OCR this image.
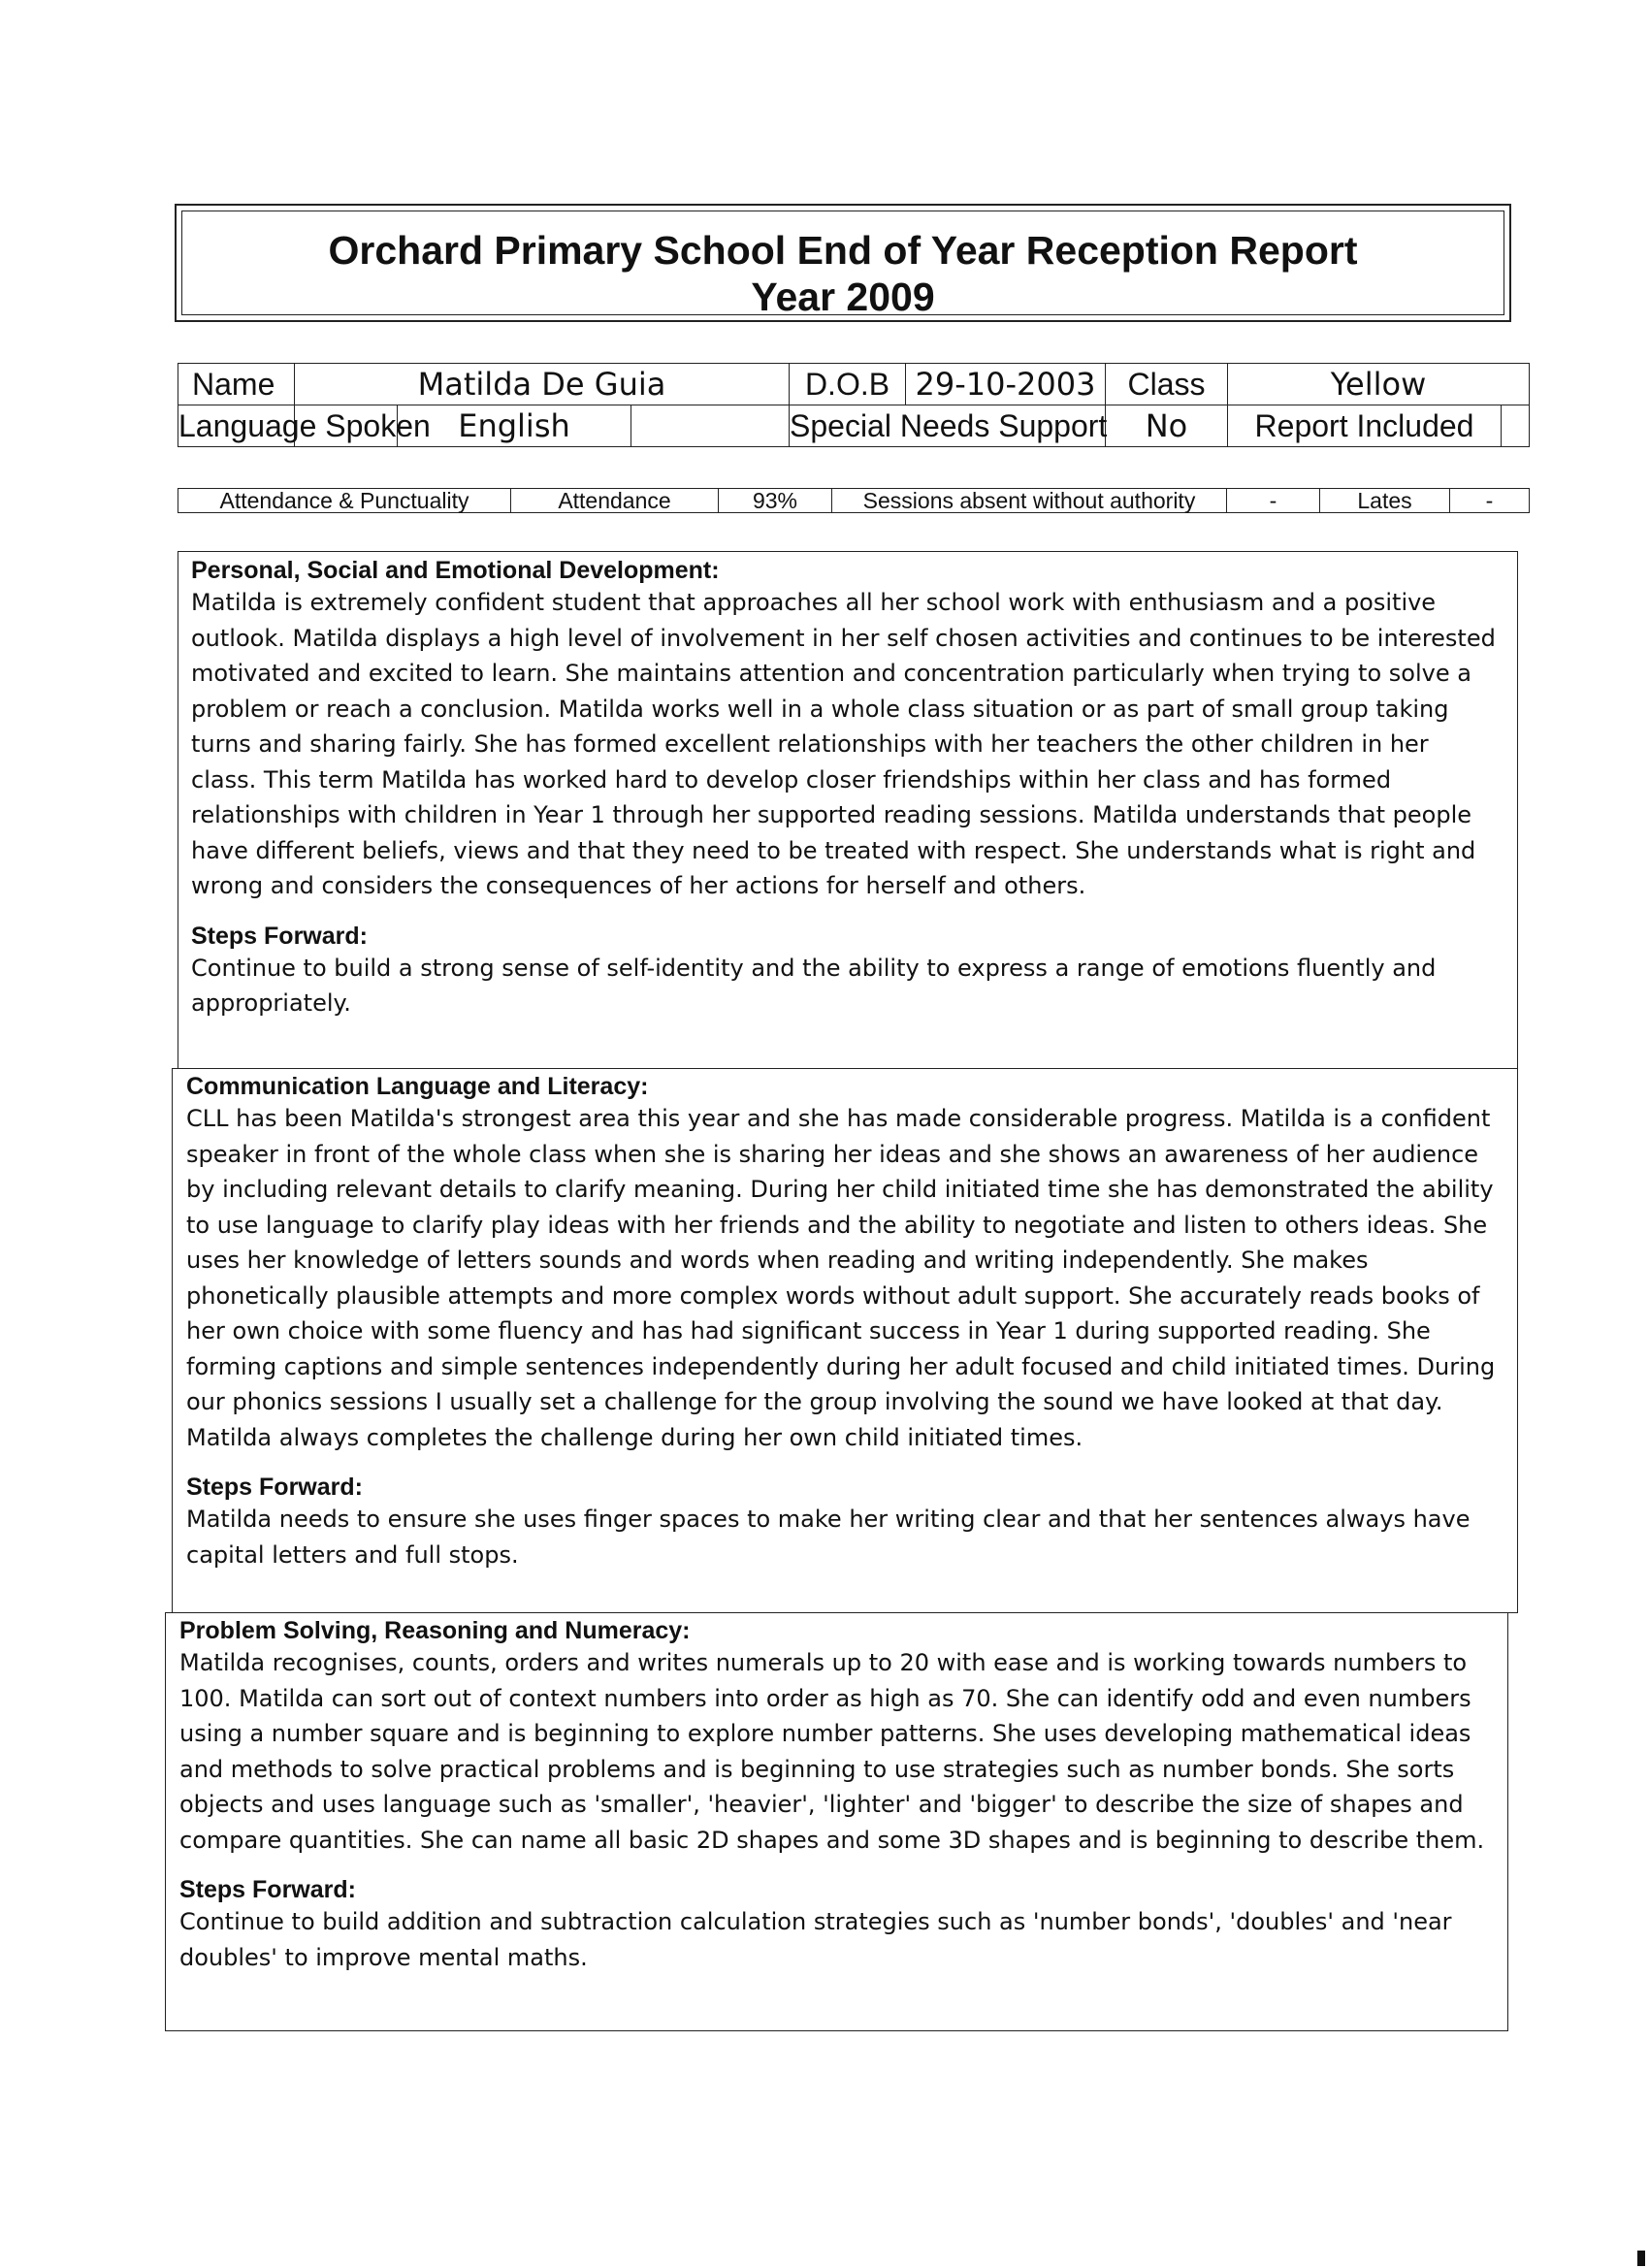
Orchard Primary School End of Year Reception Report
Year 2009
Name	Matilda De Guia	D.O.B	29-10-2003	Class	Yellow	
Language Spoken	English	Special Needs Support		No	Report Included	
Attendance & Punctuality	Attendance	93%	Sessions absent without authority	-	Lates	-
Personal, Social and Emotional Development:
Matilda is extremely confident student that approaches all her school work with enthusiasm and a positive outlook. Matilda displays a high level of involvement in her self chosen activities and continues to be interested motivated and excited to learn. She maintains attention and concentration particularly when trying to solve a problem or reach a conclusion. Matilda works well in a whole class situation or as part of small group taking turns and sharing fairly. She has formed excellent relationships with her teachers the other children in her class. This term Matilda has worked hard to develop closer friendships within her class and has formed relationships with children in Year 1 through her supported reading sessions. Matilda understands that people have different beliefs, views and that they need to be treated with respect. She understands what is right and wrong and considers the consequences of her actions for herself and others.
Steps Forward:
Continue to build a strong sense of self-identity and the ability to express a range of emotions fluently and appropriately.
Communication Language and Literacy:
CLL has been Matilda's strongest area this year and she has made considerable progress. Matilda is a confident speaker in front of the whole class when she is sharing her ideas and she shows an awareness of her audience by including relevant details to clarify meaning. During her child initiated time she has demonstrated the ability to use language to clarify play ideas with her friends and the ability to negotiate and listen to others ideas. She uses her knowledge of letters sounds and words when reading and writing independently. She makes phonetically plausible attempts and more complex words without adult support. She accurately reads books of her own choice with some fluency and has had significant success in Year 1 during supported reading. She forming captions and simple sentences independently during her adult focused and child initiated times. During our phonics sessions I usually set a challenge for the group involving the sound we have looked at that day. Matilda always completes the challenge during her own child initiated times.
Steps Forward:
Matilda needs to ensure she uses finger spaces to make her writing clear and that her sentences always have capital letters and full stops.
Problem Solving, Reasoning and Numeracy:
Matilda recognises, counts, orders and writes numerals up to 20 with ease and is working towards numbers to 100. Matilda can sort out of context numbers into order as high as 70. She can identify odd and even numbers using a number square and is beginning to explore number patterns. She uses developing mathematical ideas and methods to solve practical problems and is beginning to use strategies such as number bonds. She sorts objects and uses language such as 'smaller', 'heavier', 'lighter' and 'bigger' to describe the size of shapes and compare quantities. She can name all basic 2D shapes and some 3D shapes and is beginning to describe them.
Steps Forward:
Continue to build addition and subtraction calculation strategies such as 'number bonds', 'doubles' and 'near doubles' to improve mental maths.
